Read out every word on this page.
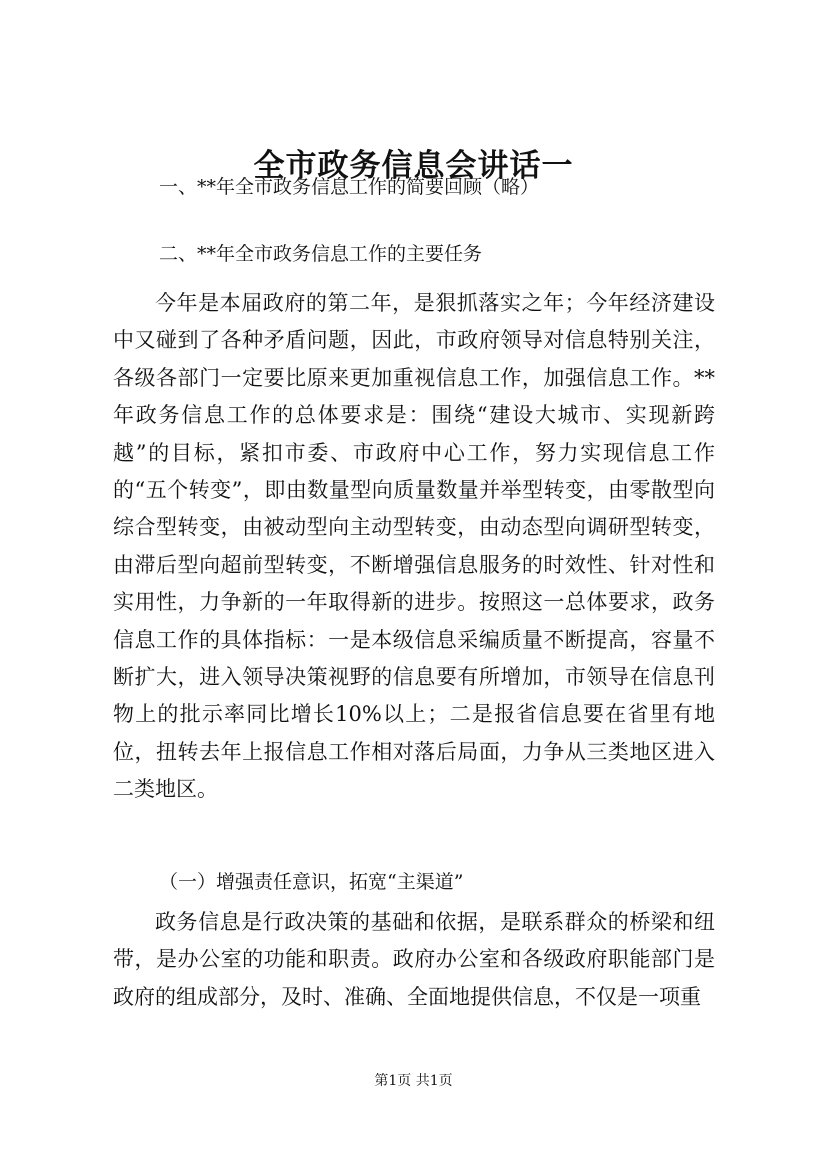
全市政务信息会讲话一

一、**年全市政务信息工作的简要回顾（略）

二、**年全市政务信息工作的主要任务

今年是本届政府的第二年，是狠抓落实之年；今年经济建设中又碰到了各种矛盾问题，因此，市政府领导对信息特别关注，各级各部门一定要比原来更加重视信息工作，加强信息工作。**年政务信息工作的总体要求是：围绕“建设大城市、实现新跨越”的目标，紧扣市委、市政府中心工作，努力实现信息工作的“五个转变”，即由数量型向质量数量并举型转变，由零散型向综合型转变，由被动型向主动型转变，由动态型向调研型转变，由滞后型向超前型转变，不断增强信息服务的时效性、针对性和实用性，力争新的一年取得新的进步。按照这一总体要求，政务信息工作的具体指标：一是本级信息采编质量不断提高，容量不断扩大，进入领导决策视野的信息要有所增加，市领导在信息刊物上的批示率同比增长10%以上；二是报省信息要在省里有地位，扭转去年上报信息工作相对落后局面，力争从三类地区进入二类地区。

（一）增强责任意识，拓宽“主渠道”

政务信息是行政决策的基础和依据，是联系群众的桥梁和纽带，是办公室的功能和职责。政府办公室和各级政府职能部门是政府的组成部分，及时、准确、全面地提供信息，不仅是一项重

第1页 共1页
